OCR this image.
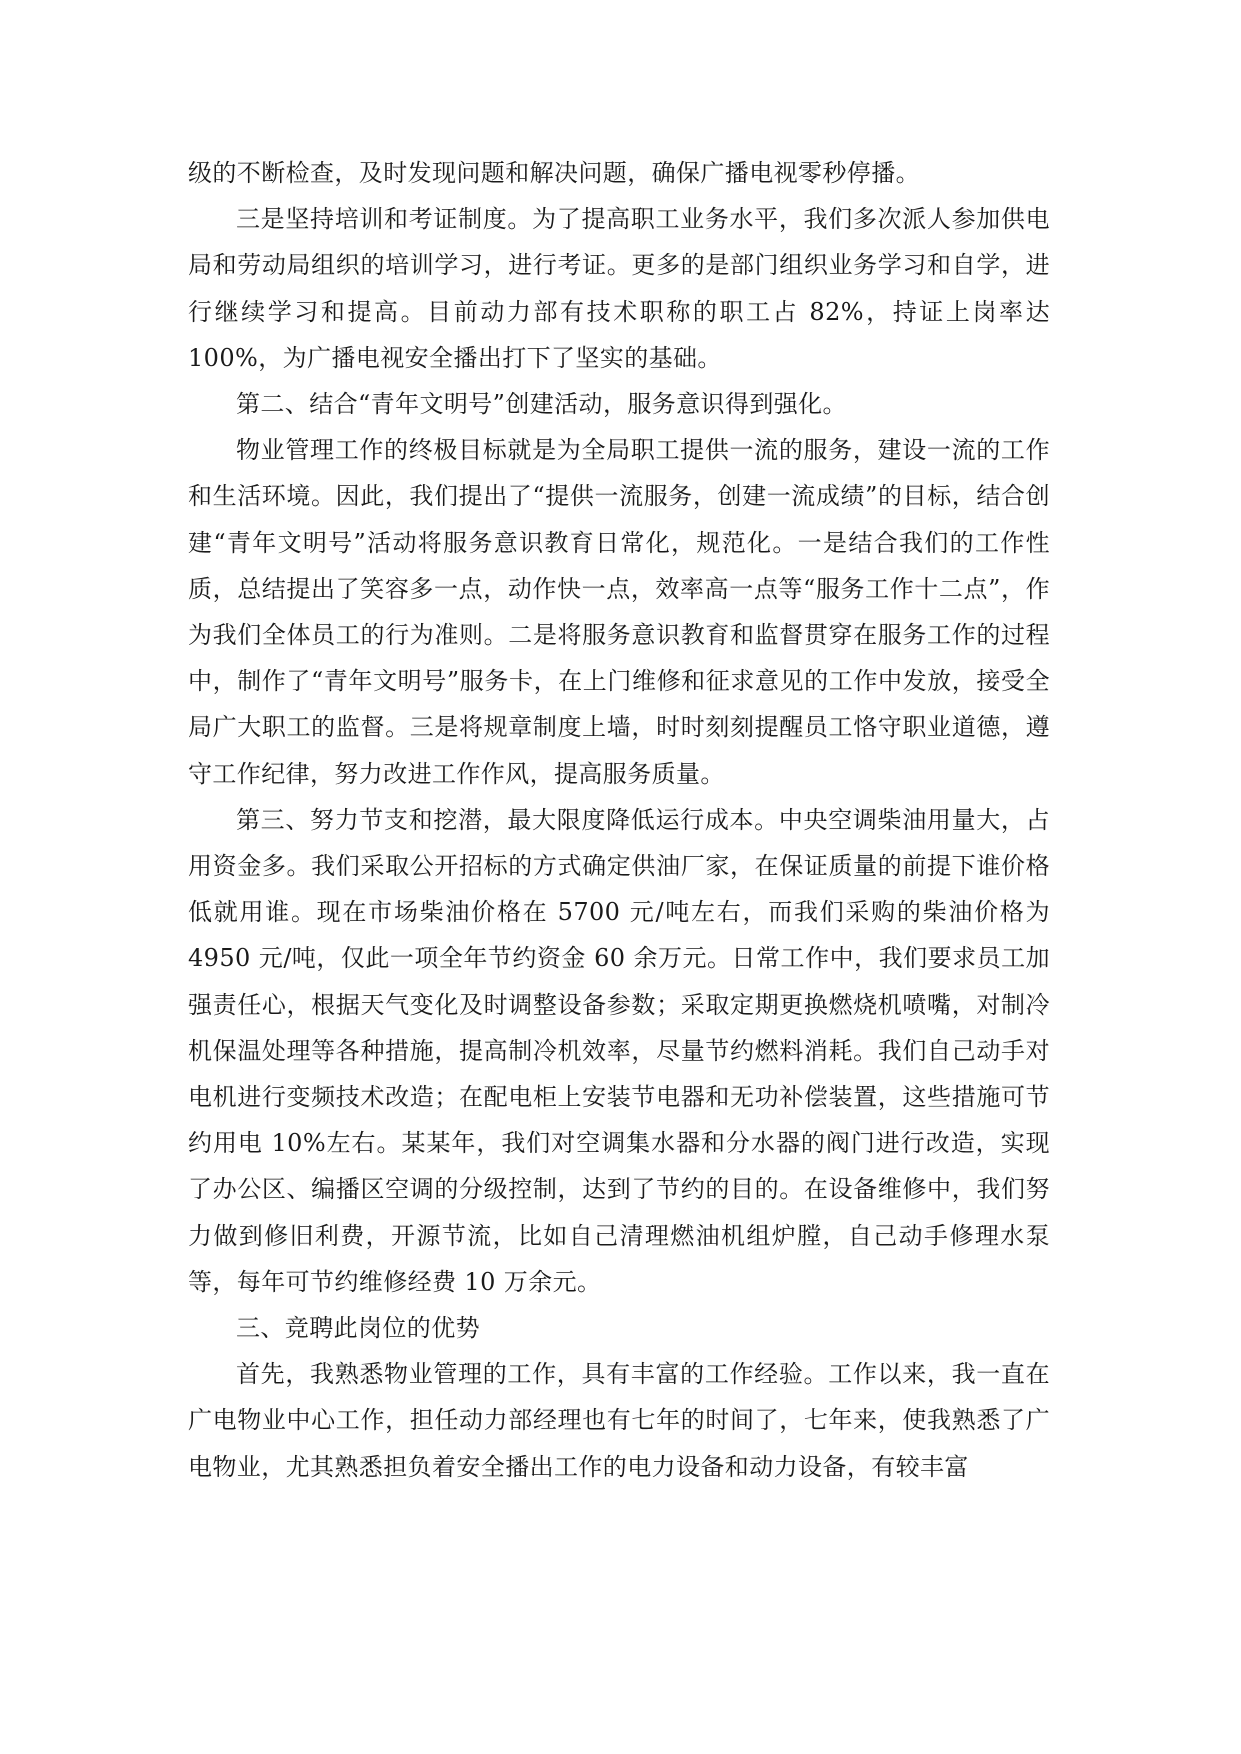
级的不断检查，及时发现问题和解决问题，确保广播电视零秒停播。

三是坚持培训和考证制度。为了提高职工业务水平，我们多次派人参加供电局和劳动局组织的培训学习，进行考证。更多的是部门组织业务学习和自学，进行继续学习和提高。目前动力部有技术职称的职工占 82%，持证上岗率达 100%，为广播电视安全播出打下了坚实的基础。

第二、结合“青年文明号”创建活动，服务意识得到强化。

物业管理工作的终极目标就是为全局职工提供一流的服务，建设一流的工作和生活环境。因此，我们提出了“提供一流服务，创建一流成绩”的目标，结合创建“青年文明号”活动将服务意识教育日常化，规范化。一是结合我们的工作性质，总结提出了笑容多一点，动作快一点，效率高一点等“服务工作十二点”，作为我们全体员工的行为准则。二是将服务意识教育和监督贯穿在服务工作的过程中，制作了“青年文明号”服务卡，在上门维修和征求意见的工作中发放，接受全局广大职工的监督。三是将规章制度上墙，时时刻刻提醒员工恪守职业道德，遵守工作纪律，努力改进工作作风，提高服务质量。

第三、努力节支和挖潜，最大限度降低运行成本。中央空调柴油用量大，占用资金多。我们采取公开招标的方式确定供油厂家，在保证质量的前提下谁价格低就用谁。现在市场柴油价格在 5700 元/吨左右，而我们采购的柴油价格为 4950 元/吨，仅此一项全年节约资金 60 余万元。日常工作中，我们要求员工加强责任心，根据天气变化及时调整设备参数；采取定期更换燃烧机喷嘴，对制冷机保温处理等各种措施，提高制冷机效率，尽量节约燃料消耗。我们自己动手对电机进行变频技术改造；在配电柜上安装节电器和无功补偿装置，这些措施可节约用电 10%左右。某某年，我们对空调集水器和分水器的阀门进行改造，实现了办公区、编播区空调的分级控制，达到了节约的目的。在设备维修中，我们努力做到修旧利费，开源节流，比如自己清理燃油机组炉膛，自己动手修理水泵等，每年可节约维修经费 10 万余元。

三、竞聘此岗位的优势

首先，我熟悉物业管理的工作，具有丰富的工作经验。工作以来，我一直在广电物业中心工作，担任动力部经理也有七年的时间了，七年来，使我熟悉了广电物业，尤其熟悉担负着安全播出工作的电力设备和动力设备，有较丰富
